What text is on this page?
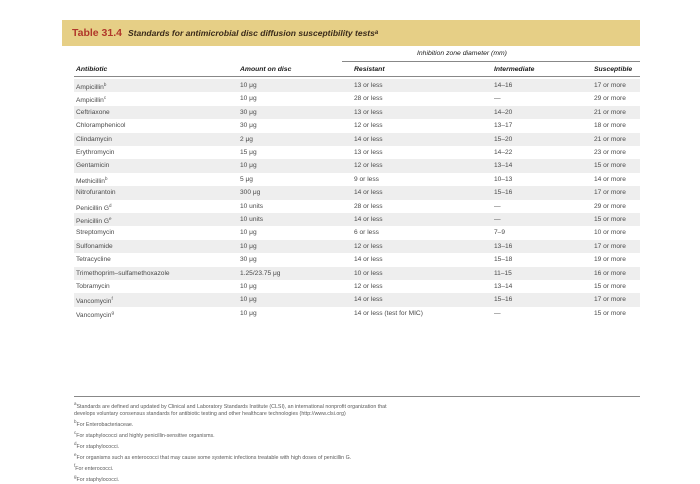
Table 31.4 Standards for antimicrobial disc diffusion susceptibility tests a
Inhibition zone diameter (mm)
Antibiotic	Amount on disc	Resistant	Intermediate	Susceptible
Ampicillin$^b$	10 μg	13 or less	14–16	17 or more
Ampicillin$^c$	10 μg	28 or less	—	29 or more
Ceftriaxone	30 μg	13 or less	14–20	21 or more
Chloramphenicol	30 μg	12 or less	13–17	18 or more
Clindamycin	2 μg	14 or less	15–20	21 or more
Erythromycin	15 μg	13 or less	14–22	23 or more
Gentamicin	10 μg	12 or less	13–14	15 or more
Methicillin$^b$	5 μg	9 or less	10–13	14 or more
Nitrofurantoin	300 μg	14 or less	15–16	17 or more
Penicillin G$^d$	10 units	28 or less	—	29 or more
Penicillin G$^e$	10 units	14 or less	—	15 or more
Streptomycin	10 μg	6 or less	7–9	10 or more
Sulfonamide	10 μg	12 or less	13–16	17 or more
Tetracycline	30 μg	14 or less	15–18	19 or more
Trimethoprim–sulfamethoxazole	1.25/23.75 μg	10 or less	11–15	16 or more
Tobramycin	10 μg	12 or less	13–14	15 or more
Vancomycin$^f$	10 μg	14 or less	15–16	17 or more
Vancomycin$^g$	10 μg	14 or less (test for MIC)	—	15 or more
$^a$Standards are defined and updated by Clinical and Laboratory Standards Institute (CLSI), an international nonprofit organization that
develops voluntary consensus standards for antibiotic testing and other healthcare technologies (http://www.clsi.org)
$^b$For Enterobacteriaceae.
$^c$For staphylococci and highly penicillin-sensitive organisms.
$^d$For staphylococci.
$^e$For organisms such as enterococci that may cause some systemic infections treatable with high doses of penicillin G.
$^f$For enterococci.
$^g$For staphylococci.
